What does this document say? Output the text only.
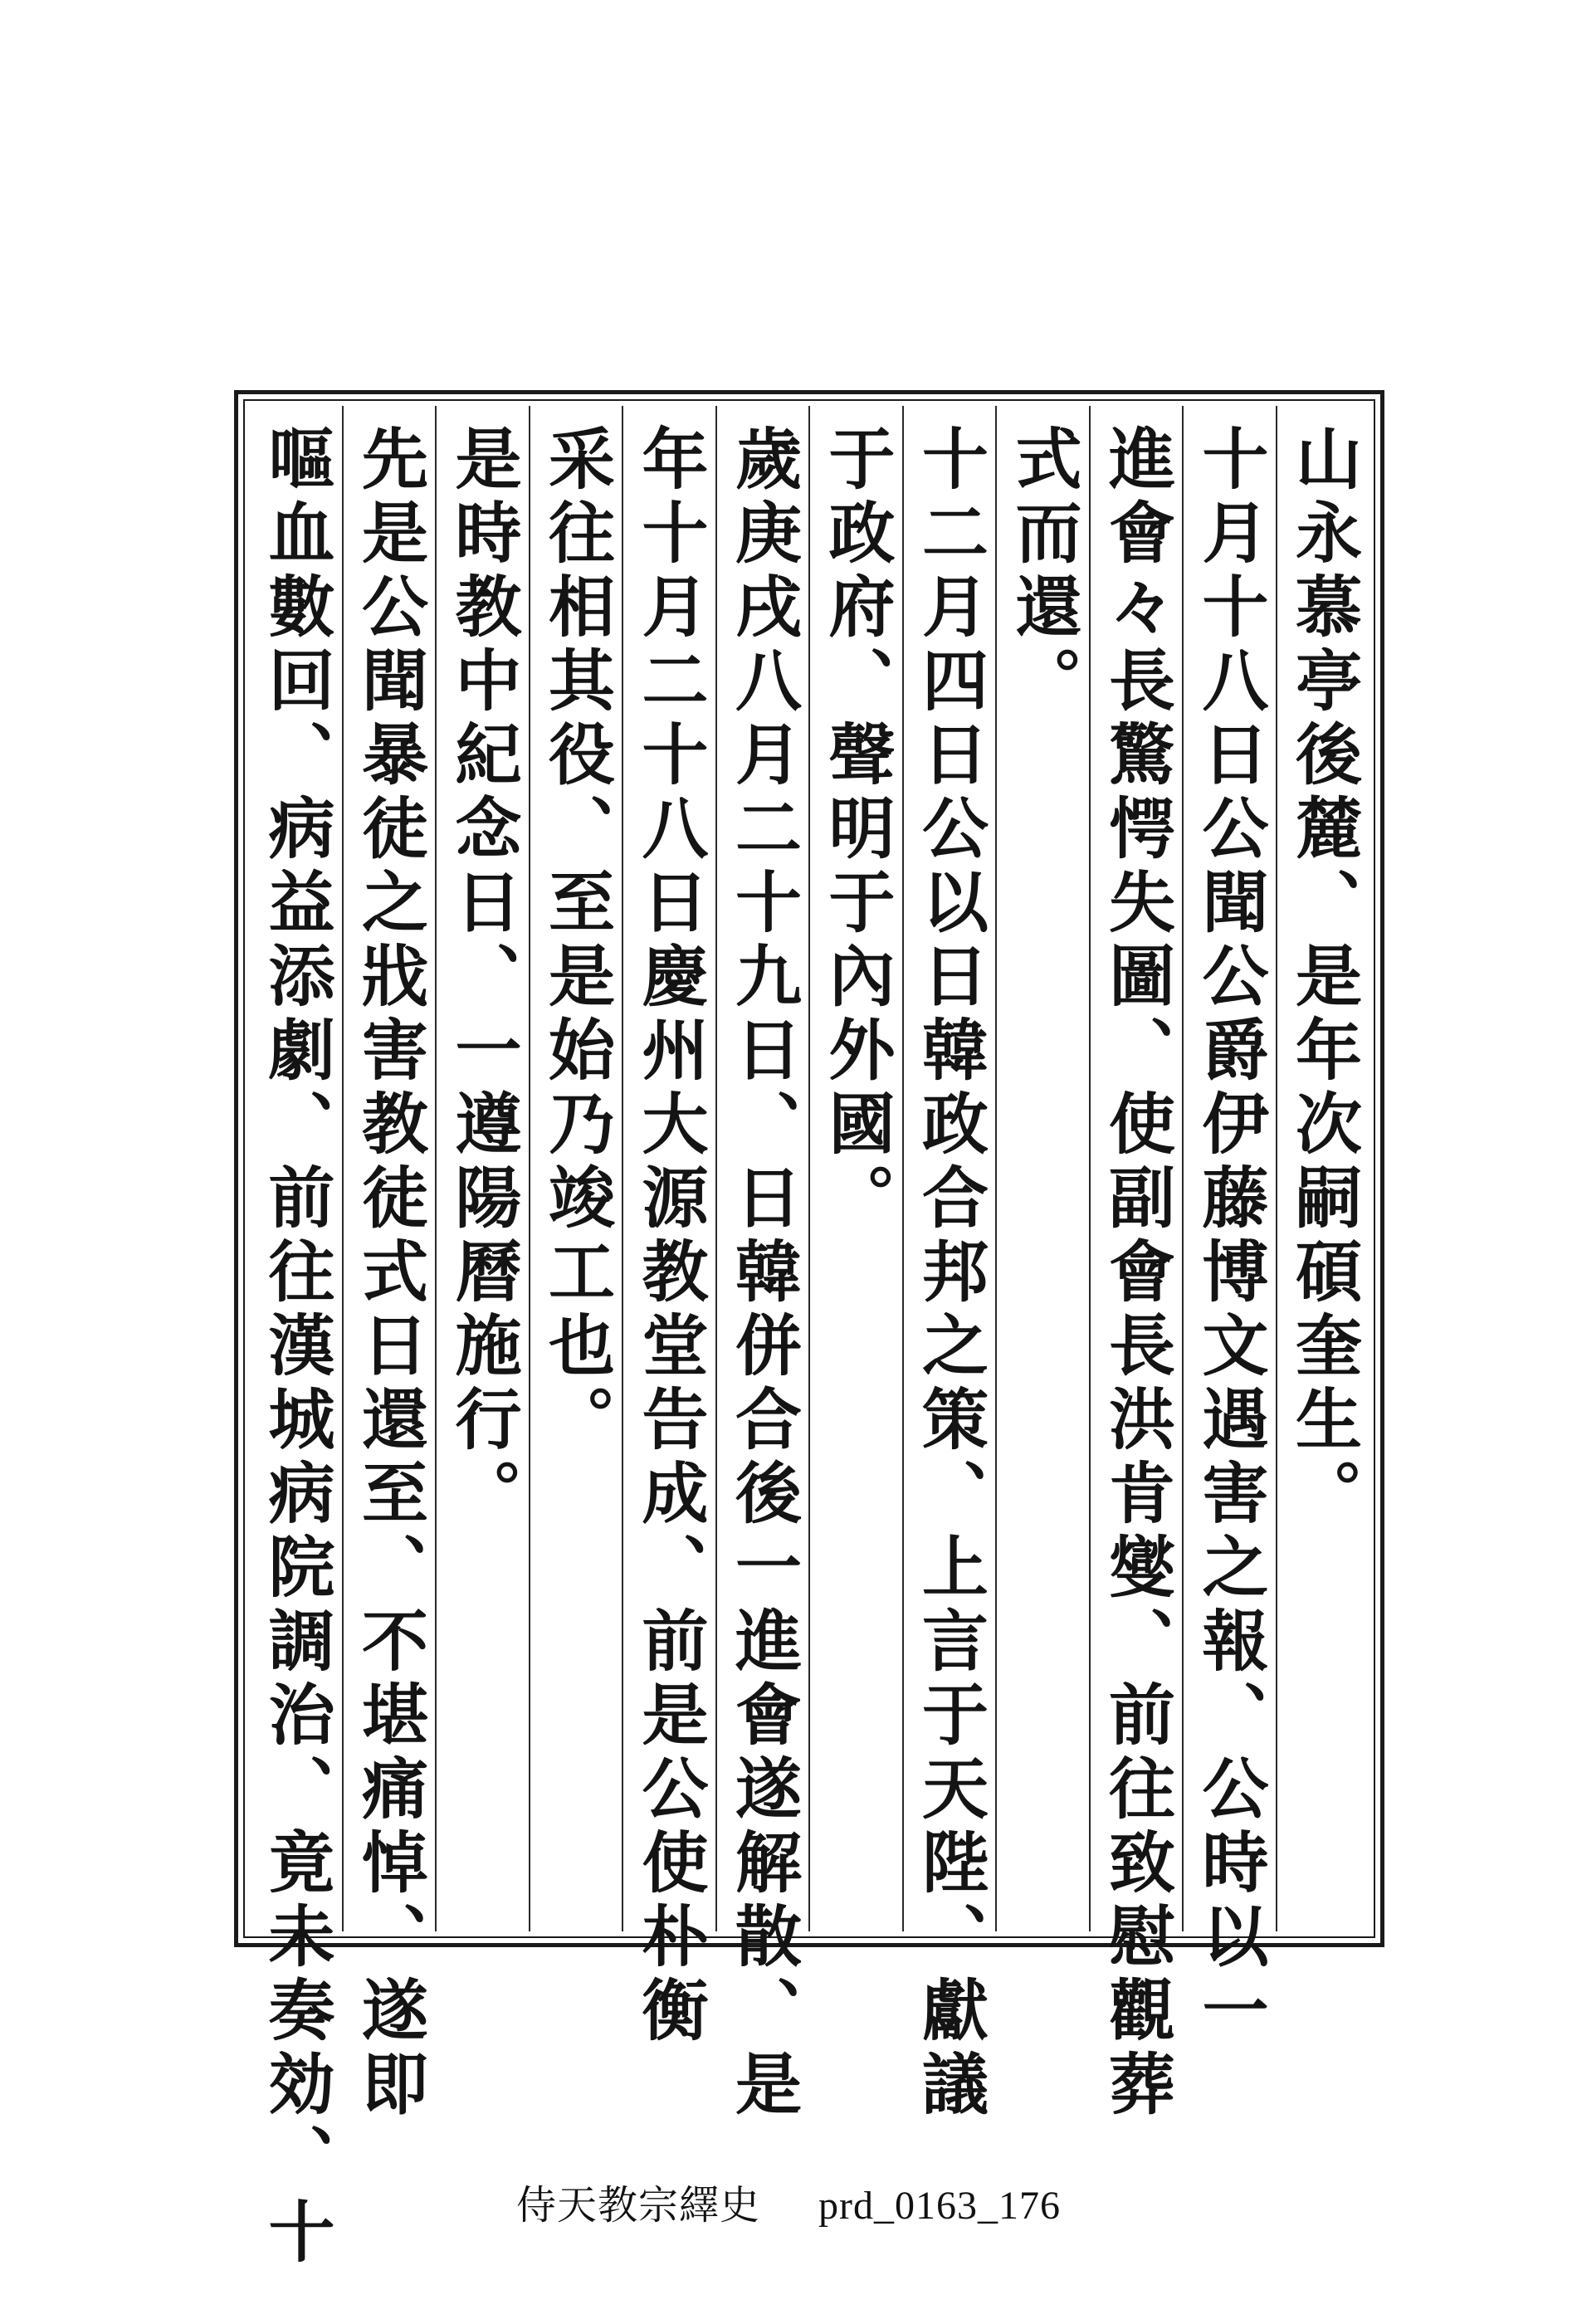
山永慕亭後麓、是年次嗣碩奎生。
十月十八日公聞公爵伊藤博文遇害之報、公時以一
進會々長驚愕失圖、使副會長洪肯燮、前往致慰觀葬
式而還。
十二月四日公以日韓政合邦之策、上言于天陛、獻議
于政府、聲明于內外國。
歲庚戌八月二十九日、日韓併合後一進會遂解散、是
年十月二十八日慶州大源教堂告成、前是公使朴衡
采往相其役、至是始乃竣工也。
是時教中紀念日、一遵陽曆施行。
先是公聞暴徒之戕害教徒式日還至、不堪痛悼、遂即
嘔血數回、病益添劇、前往漢城病院調治、竟未奏効、十	侍天教宗繹史 prd_0163_176
